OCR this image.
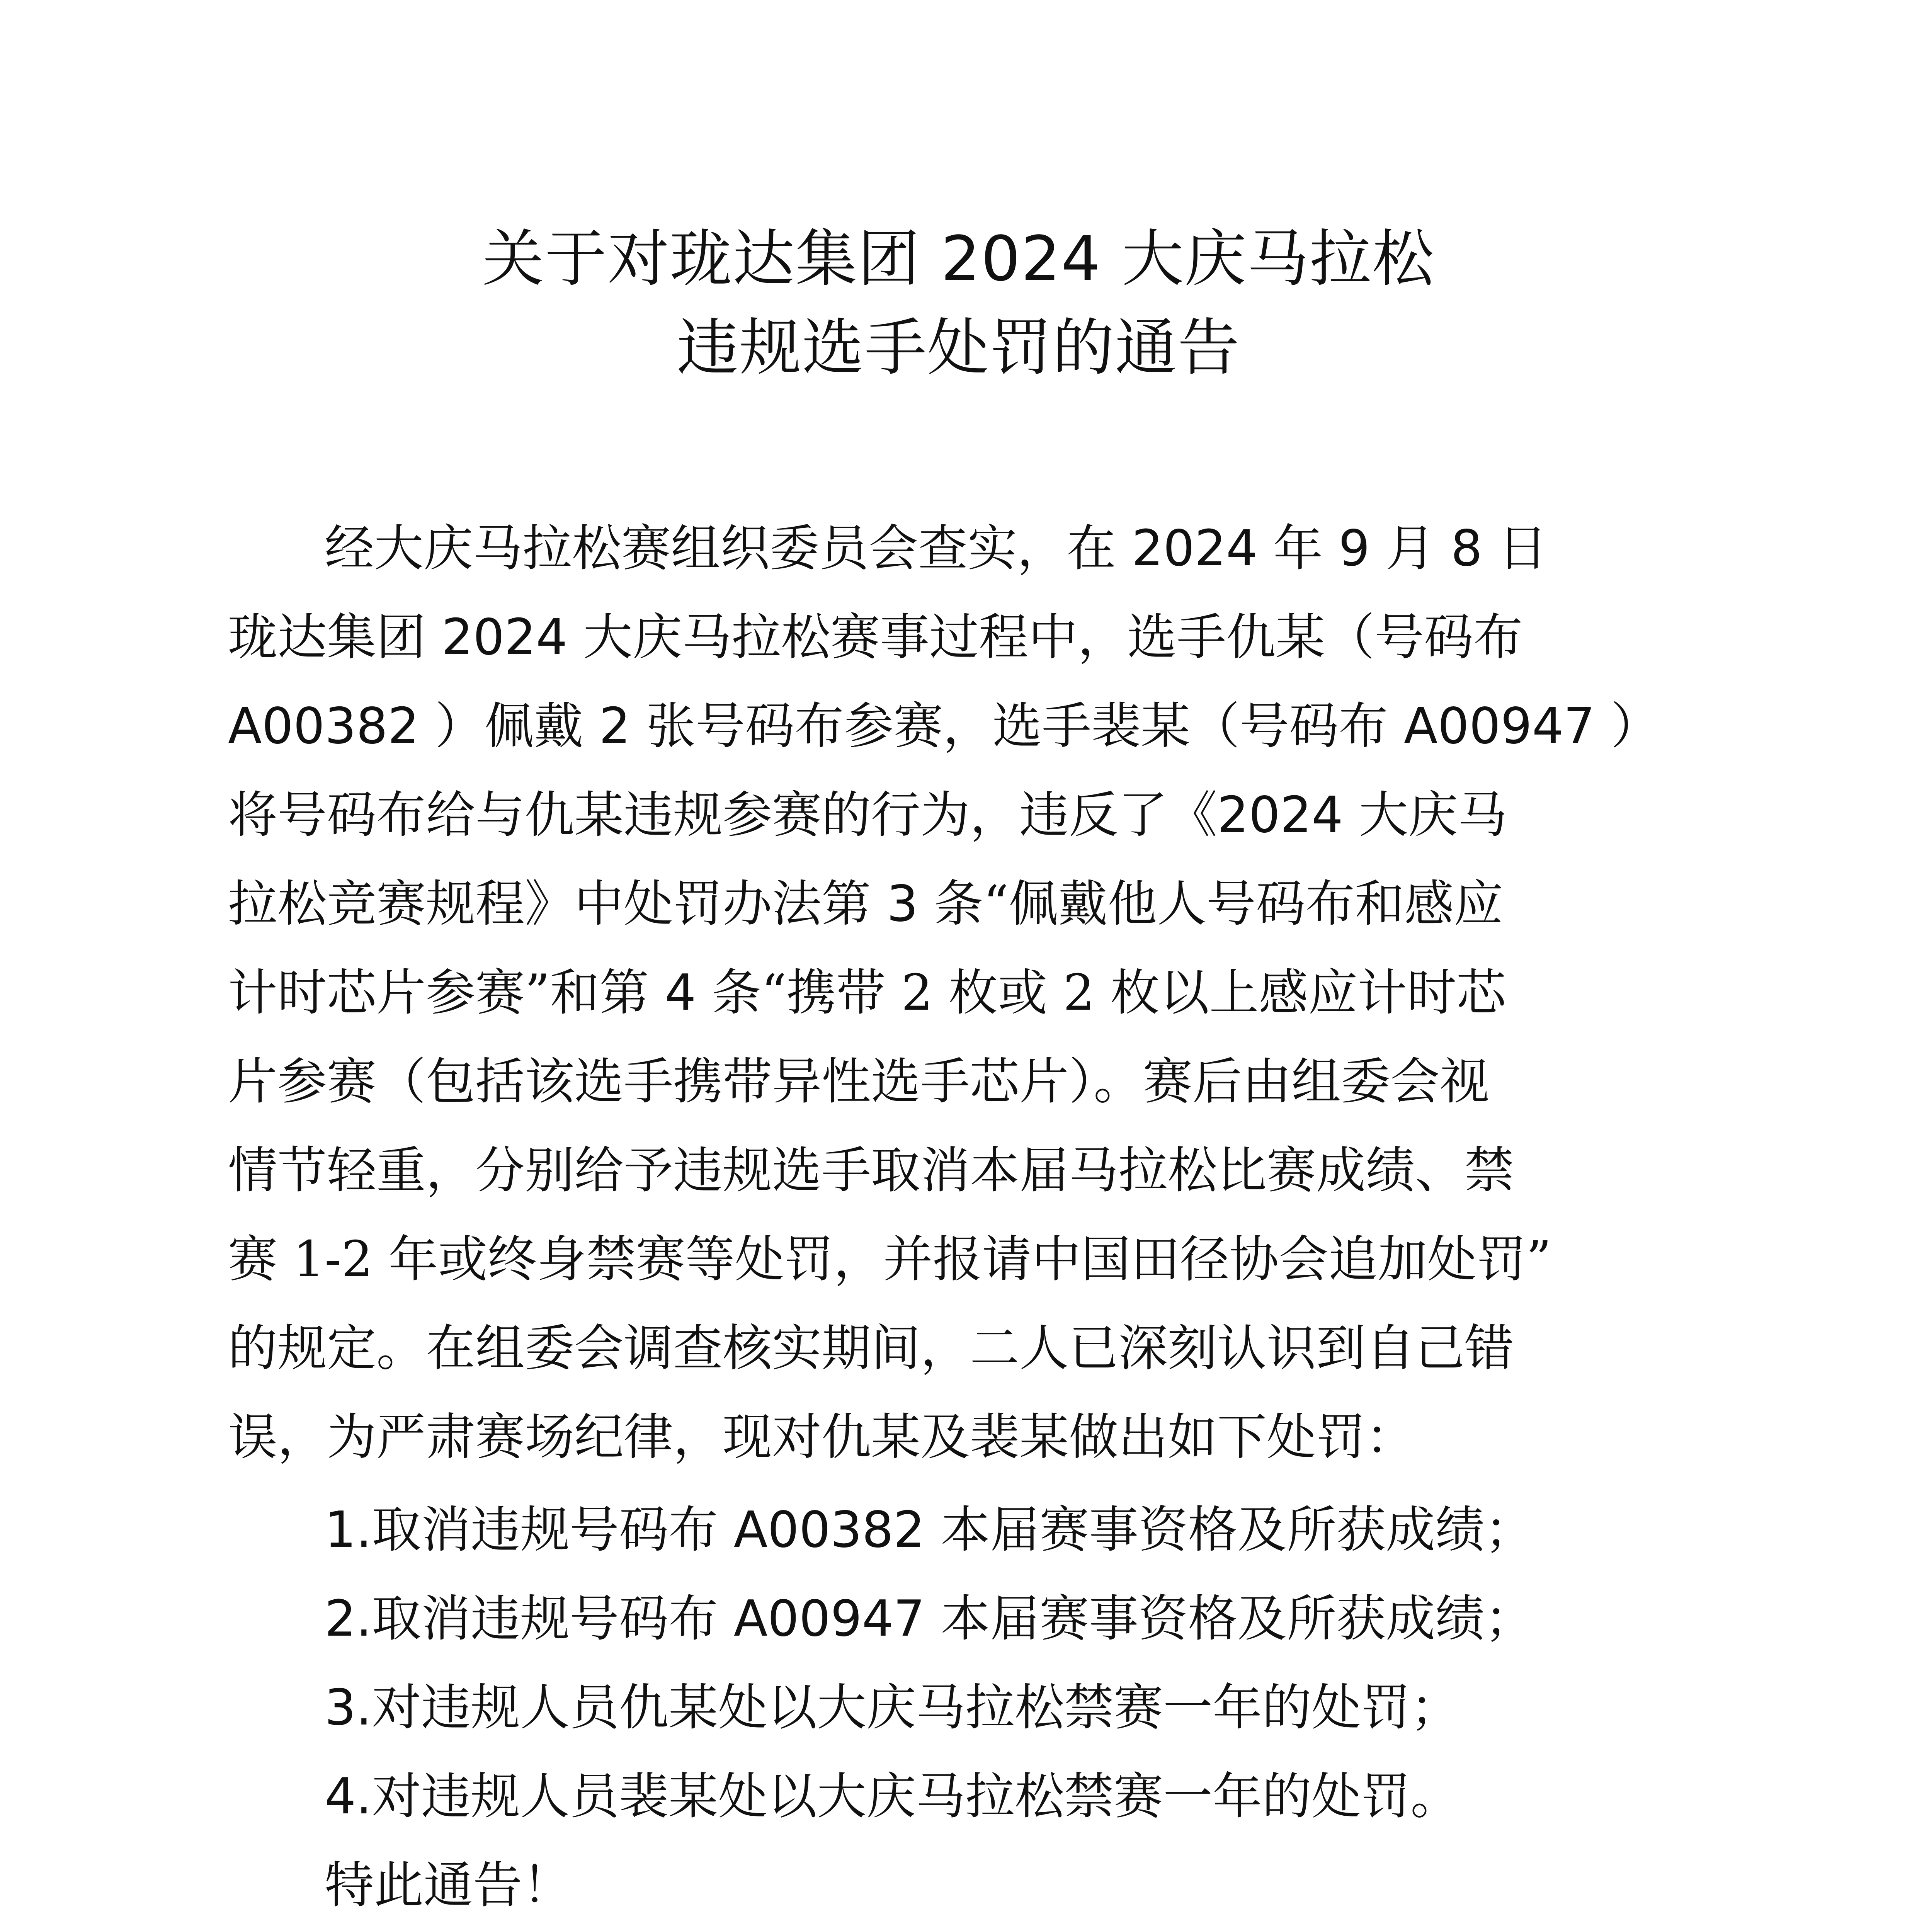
关于对珑达集团 2024 大庆马拉松
违规选手处罚的通告
经大庆马拉松赛组织委员会查实，在 2024 年 9 月 8 日
珑达集团 2024 大庆马拉松赛事过程中，选手仇某（号码布
A00382 ）佩戴 2 张号码布参赛，选手裴某（号码布 A00947 ）
将号码布给与仇某违规参赛的行为，违反了《2024 大庆马
拉松竞赛规程》中处罚办法第 3 条“佩戴他人号码布和感应
计时芯片参赛”和第 4 条“携带 2 枚或 2 枚以上感应计时芯
片参赛（包括该选手携带异性选手芯片）。赛后由组委会视
情节轻重，分别给予违规选手取消本届马拉松比赛成绩、禁
赛 1-2 年或终身禁赛等处罚，并报请中国田径协会追加处罚”
的规定。在组委会调查核实期间，二人已深刻认识到自己错
误，为严肃赛场纪律，现对仇某及裴某做出如下处罚：
1.取消违规号码布 A00382 本届赛事资格及所获成绩；
2.取消违规号码布 A00947 本届赛事资格及所获成绩；
3.对违规人员仇某处以大庆马拉松禁赛一年的处罚；
4.对违规人员裴某处以大庆马拉松禁赛一年的处罚。
特此通告！
